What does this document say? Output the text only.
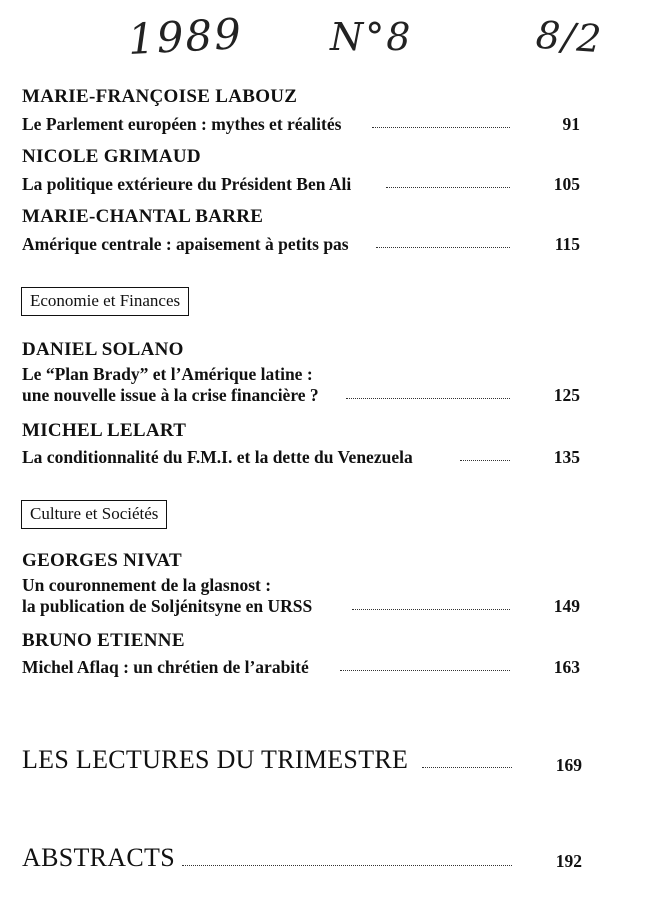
1989 N°8	8/2
MARIE-FRANÇOISE LABOUZ
Le Parlement européen : mythes et réalités	91
NICOLE GRIMAUD
La politique extérieure du Président Ben Ali	105
MARIE-CHANTAL BARRE
Amérique centrale : apaisement à petits pas	115
Economie et Finances
DANIEL SOLANO
Le “Plan Brady” et l’Amérique latine :
une nouvelle issue à la crise financière ?	125
MICHEL LELART
La conditionnalité du F.M.I. et la dette du Venezuela	135
Culture et Sociétés
GEORGES NIVAT
Un couronnement de la glasnost :
la publication de Soljénitsyne en URSS	149
BRUNO ETIENNE
Michel Aflaq : un chrétien de l’arabité	163
LES LECTURES DU TRIMESTRE	169
ABSTRACTS	192
